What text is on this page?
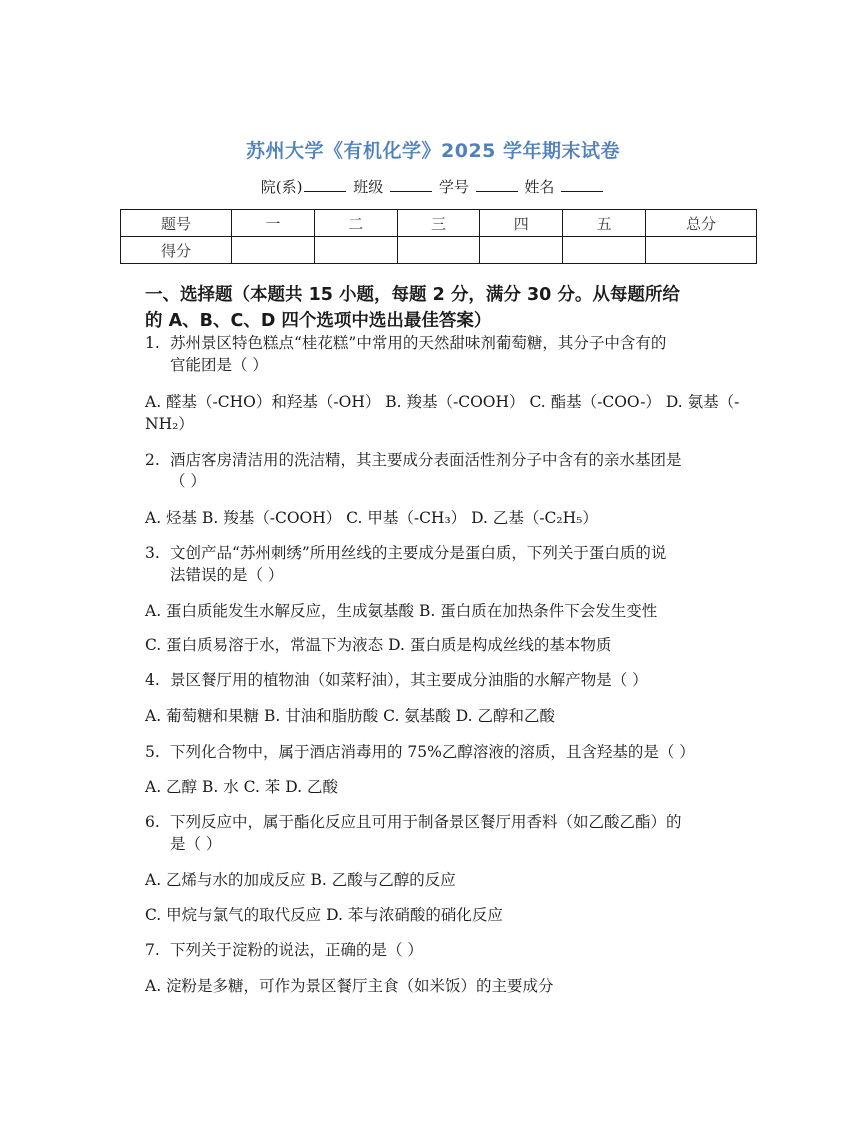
苏州大学《有机化学》2025 学年期末试卷
院(系)	班级	学号	姓名
题号	一	二	三	四	五	总分
得分						
一、选择题（本题共 15 小题，每题 2 分，满分 30 分。从每题所给
的 A、B、C、D 四个选项中选出最佳答案）
1. 苏州景区特色糕点“桂花糕”中常用的天然甜味剂葡萄糖，其分子中含有的
官能团是（ ）
A. 醛基（-CHO）和羟基（-OH） B. 羧基（-COOH） C. 酯基（-COO-） D. 氨基（-
NH₂）
2. 酒店客房清洁用的洗洁精，其主要成分表面活性剂分子中含有的亲水基团是
（ ）
A. 烃基 B. 羧基（-COOH） C. 甲基（-CH₃） D. 乙基（-C₂H₅）
3. 文创产品“苏州刺绣”所用丝线的主要成分是蛋白质，下列关于蛋白质的说
法错误的是（ ）
A. 蛋白质能发生水解反应，生成氨基酸 B. 蛋白质在加热条件下会发生变性
C. 蛋白质易溶于水，常温下为液态 D. 蛋白质是构成丝线的基本物质
4. 景区餐厅用的植物油（如菜籽油），其主要成分油脂的水解产物是（ ）
A. 葡萄糖和果糖 B. 甘油和脂肪酸 C. 氨基酸 D. 乙醇和乙酸
5. 下列化合物中，属于酒店消毒用的 75%乙醇溶液的溶质，且含羟基的是（ ）
A. 乙醇 B. 水 C. 苯 D. 乙酸
6. 下列反应中，属于酯化反应且可用于制备景区餐厅用香料（如乙酸乙酯）的
是（ ）
A. 乙烯与水的加成反应 B. 乙酸与乙醇的反应
C. 甲烷与氯气的取代反应 D. 苯与浓硝酸的硝化反应
7. 下列关于淀粉的说法，正确的是（ ）
A. 淀粉是多糖，可作为景区餐厅主食（如米饭）的主要成分
